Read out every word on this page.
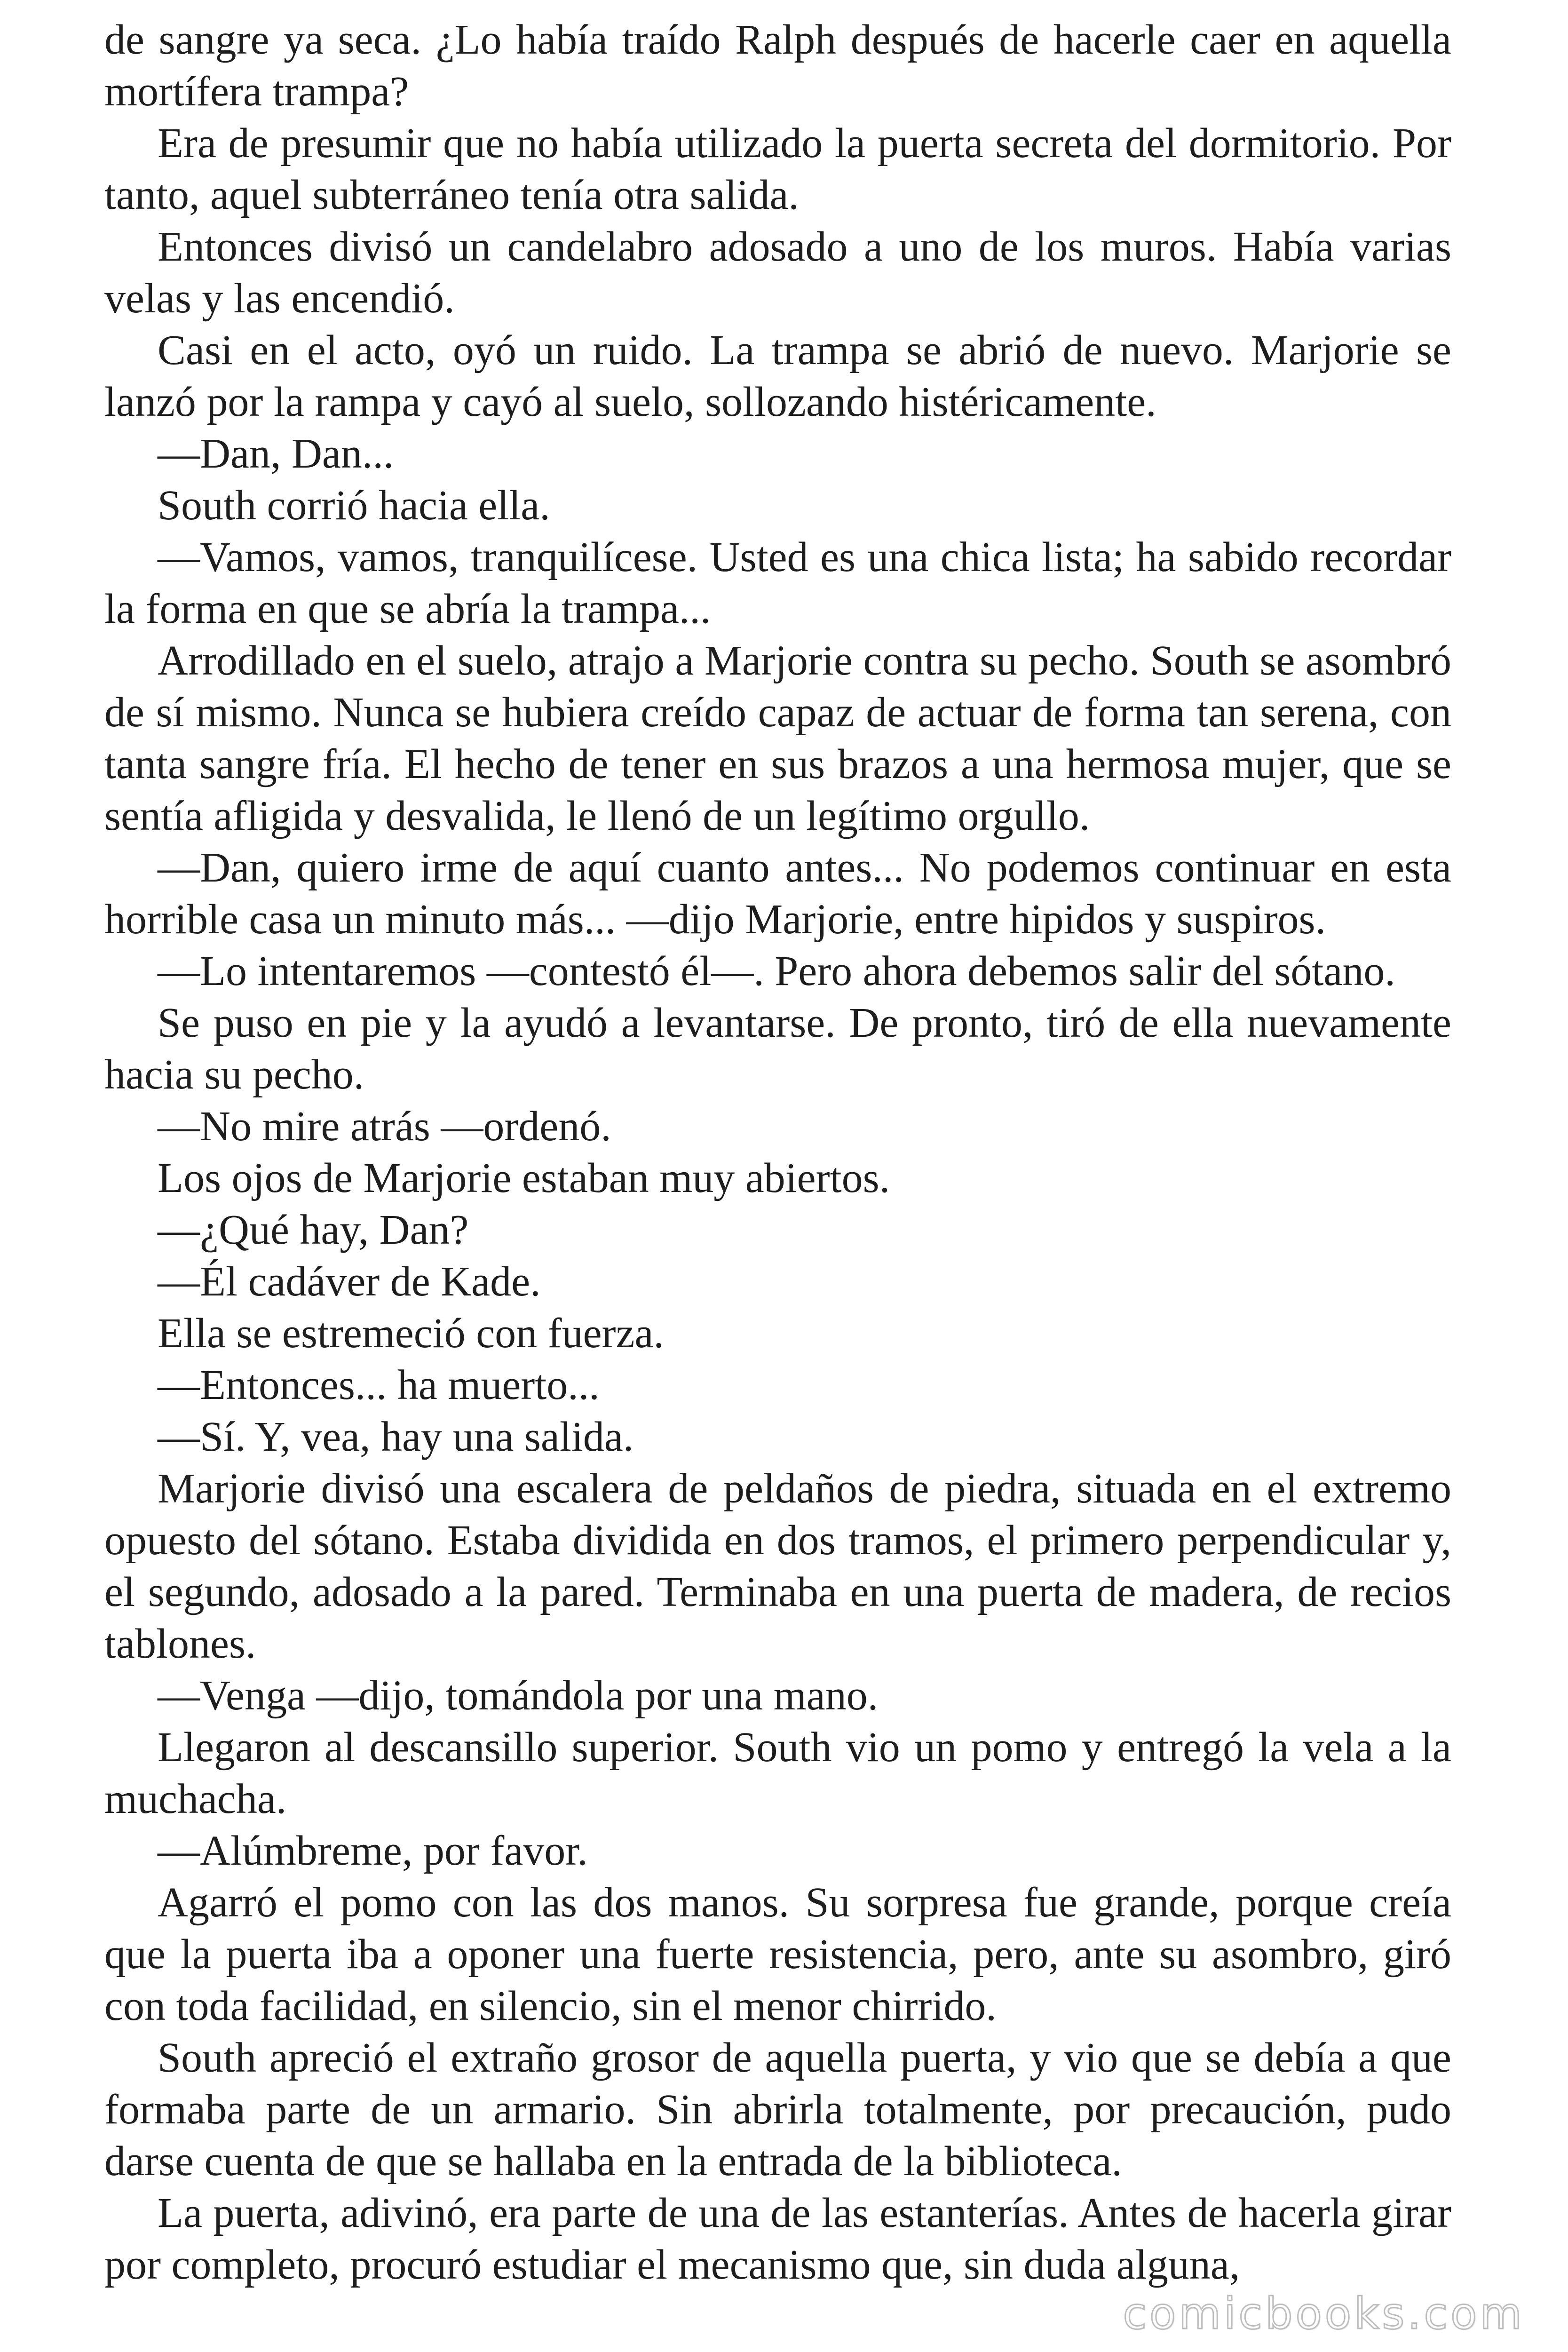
de sangre ya seca. ¿Lo había traído Ralph después de hacerle caer en aquella mortífera trampa?

Era de presumir que no había utilizado la puerta secreta del dormitorio. Por tanto, aquel subterráneo tenía otra salida.

Entonces divisó un candelabro adosado a uno de los muros. Había varias velas y las encendió.

Casi en el acto, oyó un ruido. La trampa se abrió de nuevo. Marjorie se lanzó por la rampa y cayó al suelo, sollozando histéricamente.

—Dan, Dan...

South corrió hacia ella.

—Vamos, vamos, tranquilícese. Usted es una chica lista; ha sabido recordar la forma en que se abría la trampa...

Arrodillado en el suelo, atrajo a Marjorie contra su pecho. South se asombró de sí mismo. Nunca se hubiera creído capaz de actuar de forma tan serena, con tanta sangre fría. El hecho de tener en sus brazos a una hermosa mujer, que se sentía afligida y desvalida, le llenó de un legítimo orgullo.

—Dan, quiero irme de aquí cuanto antes... No podemos continuar en esta horrible casa un minuto más... —dijo Marjorie, entre hipidos y suspiros.

—Lo intentaremos —contestó él—. Pero ahora debemos salir del sótano.

Se puso en pie y la ayudó a levantarse. De pronto, tiró de ella nuevamente hacia su pecho.

—No mire atrás —ordenó.

Los ojos de Marjorie estaban muy abiertos.

—¿Qué hay, Dan?

—Él cadáver de Kade.

Ella se estremeció con fuerza.

—Entonces... ha muerto...

—Sí. Y, vea, hay una salida.

Marjorie divisó una escalera de peldaños de piedra, situada en el extremo opuesto del sótano. Estaba dividida en dos tramos, el primero perpendicular y, el segundo, adosado a la pared. Terminaba en una puerta de madera, de recios tablones.

—Venga —dijo, tomándola por una mano.

Llegaron al descansillo superior. South vio un pomo y entregó la vela a la muchacha.

—Alúmbreme, por favor.

Agarró el pomo con las dos manos. Su sorpresa fue grande, porque creía que la puerta iba a oponer una fuerte resistencia, pero, ante su asombro, giró con toda facilidad, en silencio, sin el menor chirrido.

South apreció el extraño grosor de aquella puerta, y vio que se debía a que formaba parte de un armario. Sin abrirla totalmente, por precaución, pudo darse cuenta de que se hallaba en la entrada de la biblioteca.

La puerta, adivinó, era parte de una de las estanterías. Antes de hacerla girar por completo, procuró estudiar el mecanismo que, sin duda alguna,

comicbooks.com
